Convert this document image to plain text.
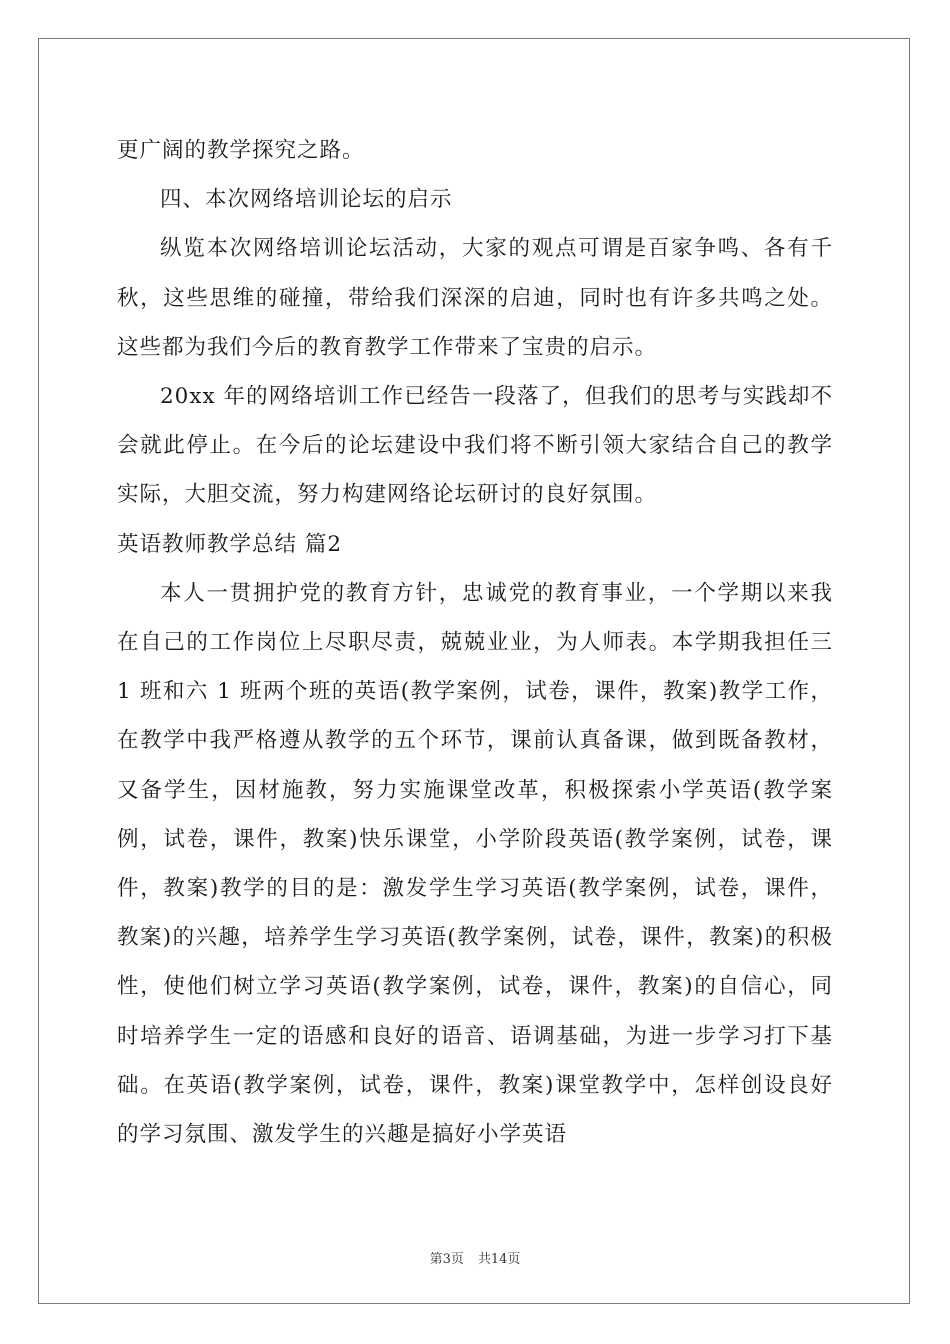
更广阔的教学探究之路。

四、本次网络培训论坛的启示

纵览本次网络培训论坛活动，大家的观点可谓是百家争鸣、各有千秋，这些思维的碰撞，带给我们深深的启迪，同时也有许多共鸣之处。这些都为我们今后的教育教学工作带来了宝贵的启示。

20xx 年的网络培训工作已经告一段落了，但我们的思考与实践却不会就此停止。在今后的论坛建设中我们将不断引领大家结合自己的教学实际，大胆交流，努力构建网络论坛研讨的良好氛围。

英语教师教学总结 篇2

本人一贯拥护党的教育方针，忠诚党的教育事业，一个学期以来我在自己的工作岗位上尽职尽责，兢兢业业，为人师表。本学期我担任三 1 班和六 1 班两个班的英语(教学案例，试卷，课件，教案)教学工作，在教学中我严格遵从教学的五个环节，课前认真备课，做到既备教材，又备学生，因材施教，努力实施课堂改革，积极探索小学英语(教学案例，试卷，课件，教案)快乐课堂，小学阶段英语(教学案例，试卷，课件，教案)教学的目的是：激发学生学习英语(教学案例，试卷，课件，教案)的兴趣，培养学生学习英语(教学案例，试卷，课件，教案)的积极性，使他们树立学习英语(教学案例，试卷，课件，教案)的自信心，同时培养学生一定的语感和良好的语音、语调基础，为进一步学习打下基础。在英语(教学案例，试卷，课件，教案)课堂教学中，怎样创设良好的学习氛围、激发学生的兴趣是搞好小学英语

第3页 共14页
